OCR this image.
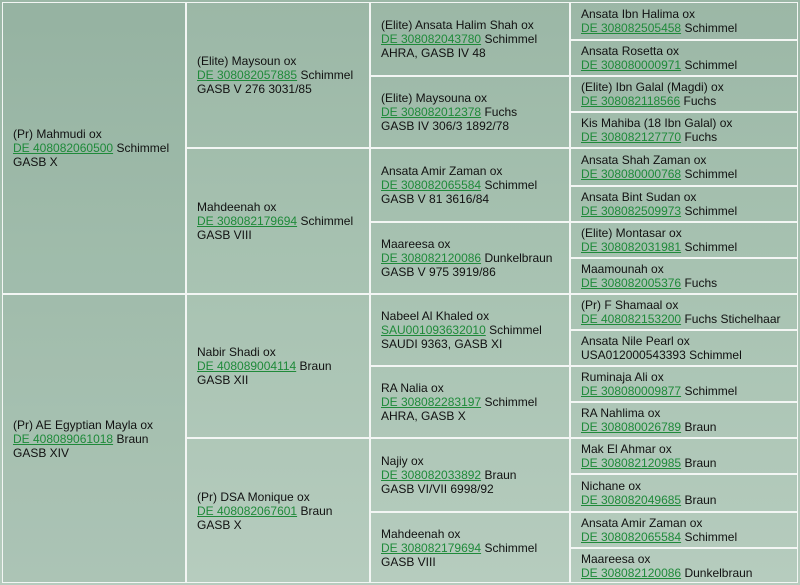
(Pr) Mahmudi ox
DE 408082060500 Schimmel
GASB X
(Pr) AE Egyptian Mayla ox
DE 408089061018 Braun
GASB XIV
(Elite) Maysoun ox
DE 308082057885 Schimmel
GASB V 276 3031/85
Mahdeenah ox
DE 308082179694 Schimmel
GASB VIII
Nabir Shadi ox
DE 408089004114 Braun
GASB XII
(Pr) DSA Monique ox
DE 408082067601 Braun
GASB X
(Elite) Ansata Halim Shah ox
DE 308082043780 Schimmel
AHRA, GASB IV 48
(Elite) Maysouna ox
DE 308082012378 Fuchs
GASB IV 306/3 1892/78
Ansata Amir Zaman ox
DE 308082065584 Schimmel
GASB V 81 3616/84
Maareesa ox
DE 308082120086 Dunkelbraun
GASB V 975 3919/86
Nabeel Al Khaled ox
SAU001093632010 Schimmel
SAUDI 9363, GASB XI
RA Nalia ox
DE 308082283197 Schimmel
AHRA, GASB X
Najiy ox
DE 308082033892 Braun
GASB VI/VII 6998/92
Mahdeenah ox
DE 308082179694 Schimmel
GASB VIII
Ansata Ibn Halima ox
DE 308082505458 Schimmel
Ansata Rosetta ox
DE 308080000971 Schimmel
(Elite) Ibn Galal (Magdi) ox
DE 308082118566 Fuchs
Kis Mahiba (18 Ibn Galal) ox
DE 308082127770 Fuchs
Ansata Shah Zaman ox
DE 308080000768 Schimmel
Ansata Bint Sudan ox
DE 308082509973 Schimmel
(Elite) Montasar ox
DE 308082031981 Schimmel
Maamounah ox
DE 308082005376 Fuchs
(Pr) F Shamaal ox
DE 408082153200 Fuchs Stichelhaar
Ansata Nile Pearl ox
USA012000543393 Schimmel
Ruminaja Ali ox
DE 308080009877 Schimmel
RA Nahlima ox
DE 308080026789 Braun
Mak El Ahmar ox
DE 308082120985 Braun
Nichane ox
DE 308082049685 Braun
Ansata Amir Zaman ox
DE 308082065584 Schimmel
Maareesa ox
DE 308082120086 Dunkelbraun
